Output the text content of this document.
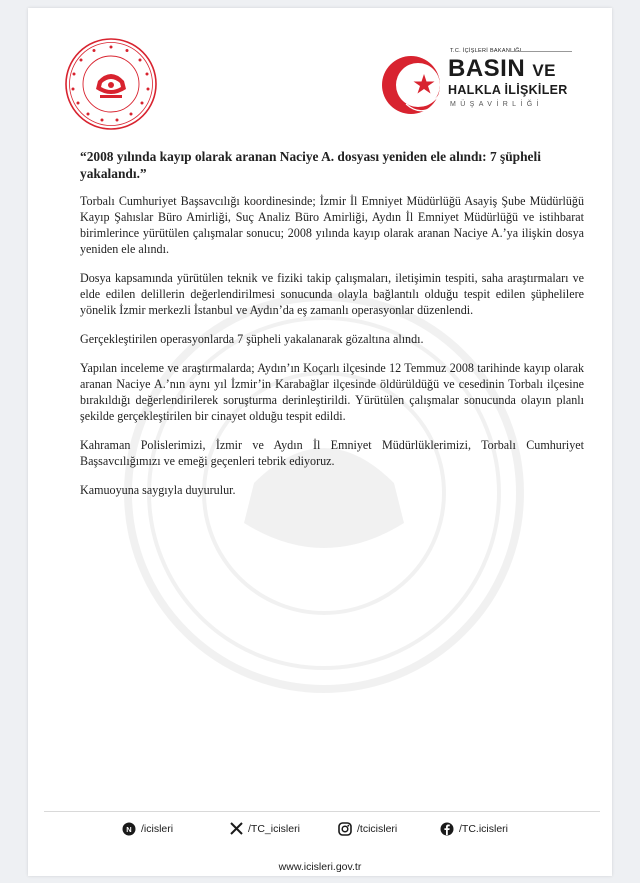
T.C. İÇİŞLERİ BAKANLIĞI
BASIN VE
HALKLA İLİŞKİLER
MÜŞAVİRLİĞİ

“2008 yılında kayıp olarak aranan Naciye A. dosyası yeniden ele alındı: 7 şüpheli yakalandı.”

Torbalı Cumhuriyet Başsavcılığı koordinesinde; İzmir İl Emniyet Müdürlüğü Asayiş Şube Müdürlüğü Kayıp Şahıslar Büro Amirliği, Suç Analiz Büro Amirliği, Aydın İl Emniyet Müdürlüğü ve istihbarat birimlerince yürütülen çalışmalar sonucu; 2008 yılında kayıp olarak aranan Naciye A.’ya ilişkin dosya yeniden ele alındı.

Dosya kapsamında yürütülen teknik ve fiziki takip çalışmaları, iletişimin tespiti, saha araştırmaları ve elde edilen delillerin değerlendirilmesi sonucunda olayla bağlantılı olduğu tespit edilen şüphelilere yönelik İzmir merkezli İstanbul ve Aydın’da eş zamanlı operasyonlar düzenlendi.

Gerçekleştirilen operasyonlarda 7 şüpheli yakalanarak gözaltına alındı.

Yapılan inceleme ve araştırmalarda; Aydın’ın Koçarlı ilçesinde 12 Temmuz 2008 tarihinde kayıp olarak aranan Naciye A.’nın aynı yıl İzmir’in Karabağlar ilçesinde öldürüldüğü ve cesedinin Torbalı ilçesine bırakıldığı değerlendirilerek soruşturma derinleştirildi. Yürütülen çalışmalar sonucunda olayın planlı şekilde gerçekleştirilen bir cinayet olduğu tespit edildi.

Kahraman Polislerimizi, İzmir ve Aydın İl Emniyet Müdürlüklerimizi, Torbalı Cumhuriyet Başsavcılığımızı ve emeği geçenleri tebrik ediyoruz.

Kamuoyuna saygıyla duyurulur.

N /icisleri	/TC_icisleri	/tcicisleri	/TC.icisleri
www.icisleri.gov.tr
